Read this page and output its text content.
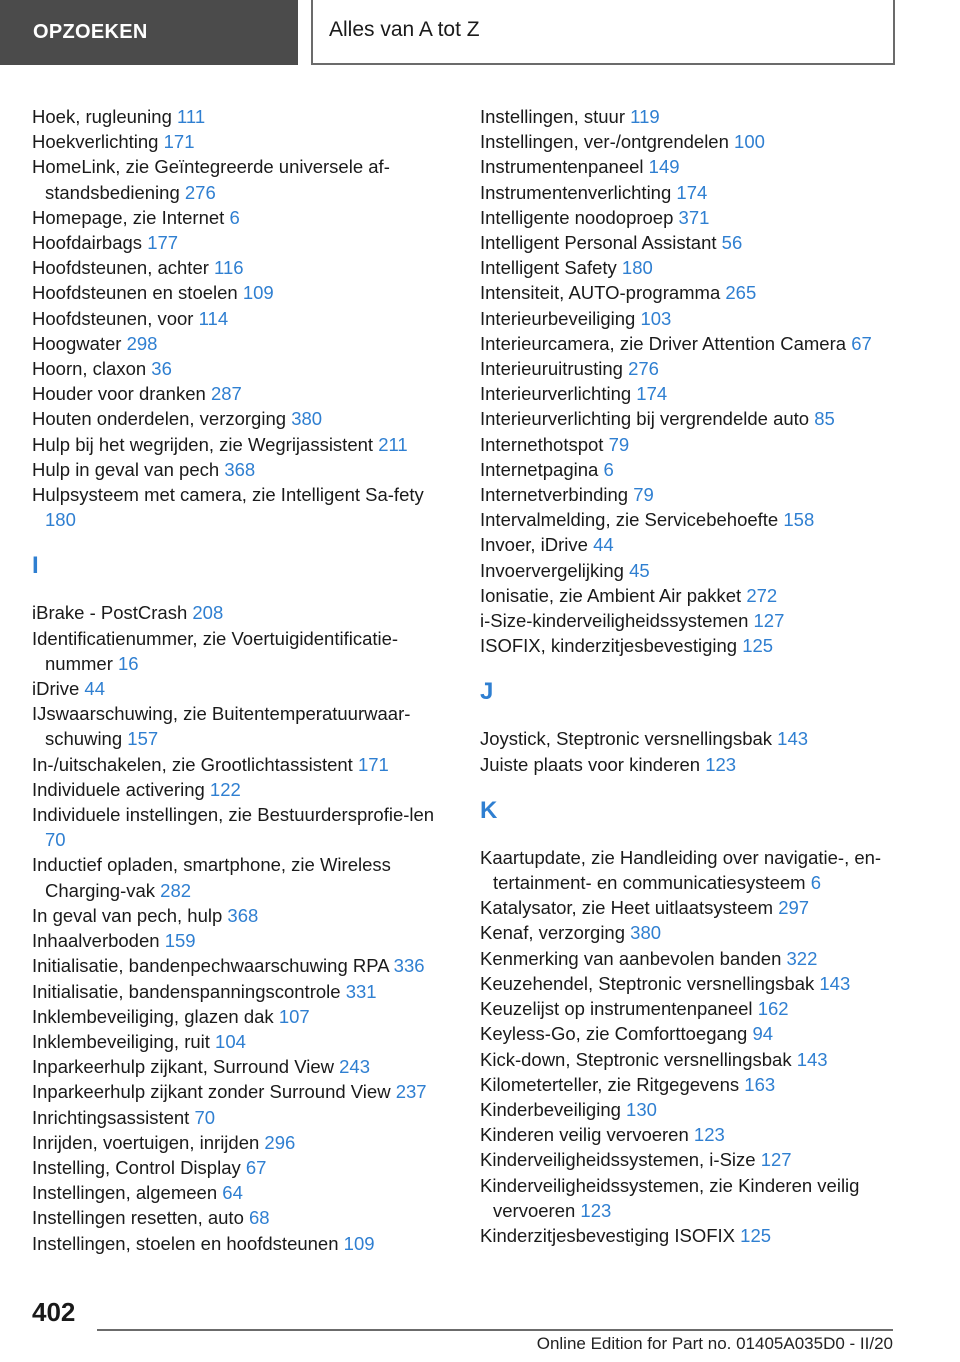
OPZOEKEN	Alles van A tot Z
Hoek, rugleuning 111
Hoekverlichting 171
HomeLink, zie Geïntegreerde universele af-standsbediening 276
Homepage, zie Internet 6
Hoofdairbags 177
Hoofdsteunen, achter 116
Hoofdsteunen en stoelen 109
Hoofdsteunen, voor 114
Hoogwater 298
Hoorn, claxon 36
Houder voor dranken 287
Houten onderdelen, verzorging 380
Hulp bij het wegrijden, zie Wegrijassistent 211
Hulp in geval van pech 368
Hulpsysteem met camera, zie Intelligent Sa-fety 180
I
iBrake - PostCrash 208
Identificatienummer, zie Voertuigidentificatie-nummer 16
iDrive 44
IJswaarschuwing, zie Buitentemperatuurwaar-schuwing 157
In-/uitschakelen, zie Grootlichtassistent 171
Individuele activering 122
Individuele instellingen, zie Bestuurdersprofie-len 70
Inductief opladen, smartphone, zie Wireless Charging-vak 282
In geval van pech, hulp 368
Inhaalverboden 159
Initialisatie, bandenpechwaarschuwing RPA 336
Initialisatie, bandenspanningscontrole 331
Inklembeveiliging, glazen dak 107
Inklembeveiliging, ruit 104
Inparkeerhulp zijkant, Surround View 243
Inparkeerhulp zijkant zonder Surround View 237
Inrichtingsassistent 70
Inrijden, voertuigen, inrijden 296
Instelling, Control Display 67
Instellingen, algemeen 64
Instellingen resetten, auto 68
Instellingen, stoelen en hoofdsteunen 109
Instellingen, stuur 119
Instellingen, ver-/ontgrendelen 100
Instrumentenpaneel 149
Instrumentenverlichting 174
Intelligente noodoproep 371
Intelligent Personal Assistant 56
Intelligent Safety 180
Intensiteit, AUTO-programma 265
Interieurbeveiliging 103
Interieurcamera, zie Driver Attention Camera 67
Interieuruitrusting 276
Interieurverlichting 174
Interieurverlichting bij vergrendelde auto 85
Internethotspot 79
Internetpagina 6
Internetverbinding 79
Intervalmelding, zie Servicebehoefte 158
Invoer, iDrive 44
Invoervergelijking 45
Ionisatie, zie Ambient Air pakket 272
i-Size-kinderveiligheidssystemen 127
ISOFIX, kinderzitjesbevestiging 125
J
Joystick, Steptronic versnellingsbak 143
Juiste plaats voor kinderen 123
K
Kaartupdate, zie Handleiding over navigatie-, en-tertainment- en communicatiesysteem 6
Katalysator, zie Heet uitlaatsysteem 297
Kenaf, verzorging 380
Kenmerking van aanbevolen banden 322
Keuzehendel, Steptronic versnellingsbak 143
Keuzelijst op instrumentenpaneel 162
Keyless-Go, zie Comforttoegang 94
Kick-down, Steptronic versnellingsbak 143
Kilometerteller, zie Ritgegevens 163
Kinderbeveiliging 130
Kinderen veilig vervoeren 123
Kinderveiligheidssystemen, i-Size 127
Kinderveiligheidssystemen, zie Kinderen veilig vervoeren 123
Kinderzitjesbevestiging ISOFIX 125
402
Online Edition for Part no. 01405A035D0 - II/20
